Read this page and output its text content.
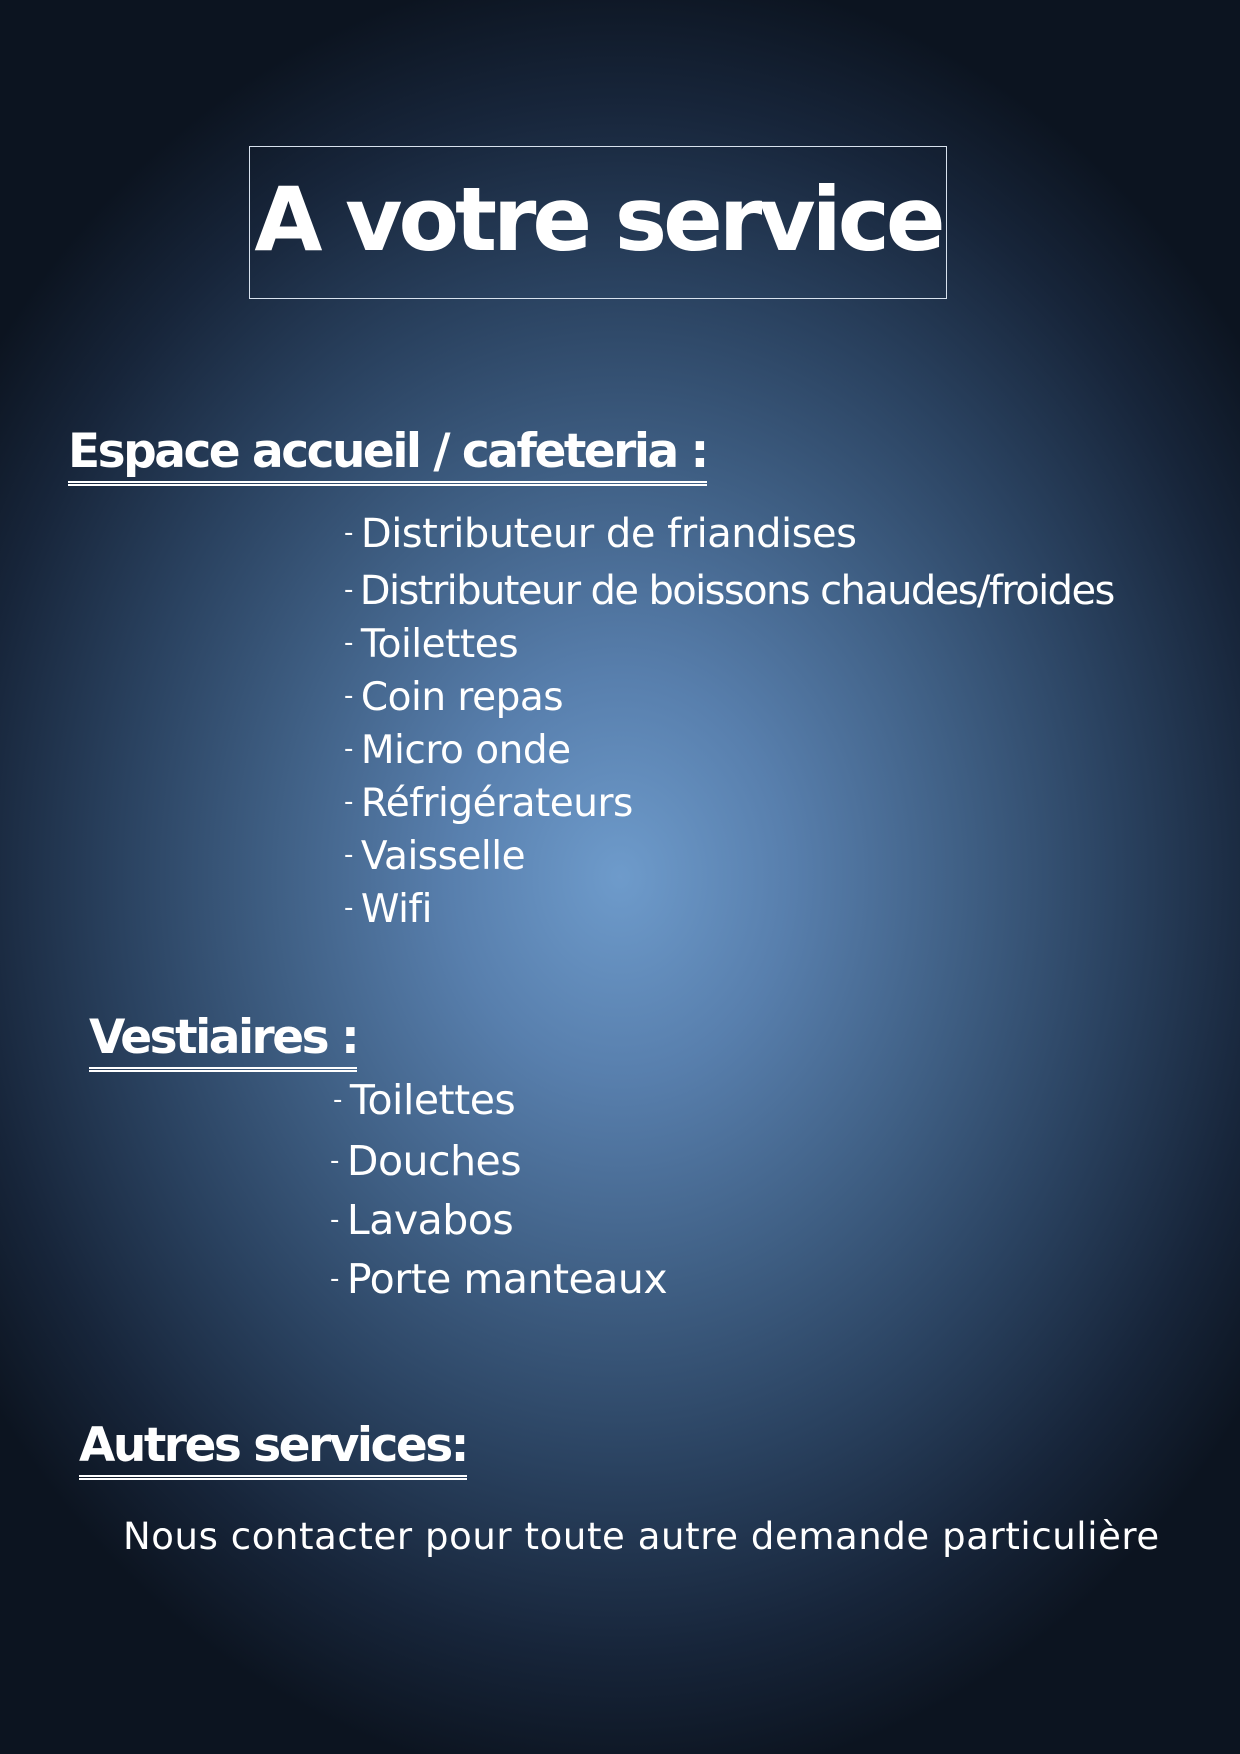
A votre service
Espace accueil / cafeteria :
- Distributeur de friandises
- Distributeur de boissons chaudes/froides
- Toilettes
- Coin repas
- Micro onde
- Réfrigérateurs
- Vaisselle
- Wifi
Vestiaires :
- Toilettes
- Douches
- Lavabos
- Porte manteaux
Autres services:
Nous contacter pour toute autre demande particulière
